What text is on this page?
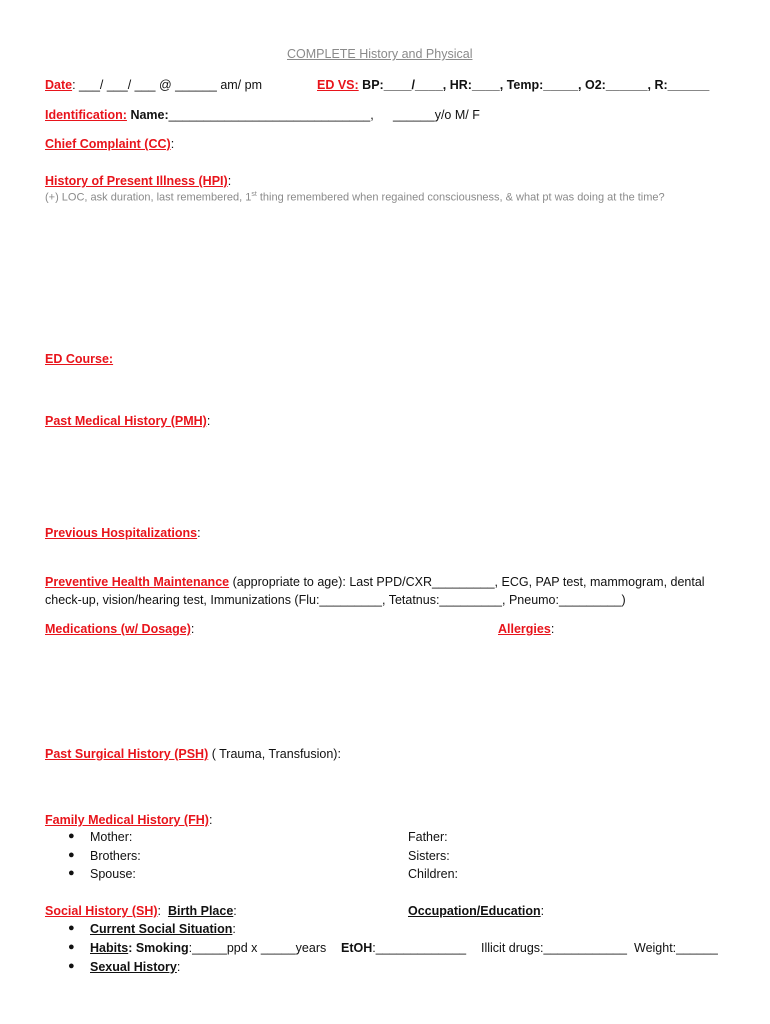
COMPLETE History and Physical
Date: ___/ ___/ ___ @ ______ am/ pm	ED VS: BP:____/____, HR:____, Temp:_____, O2:______, R:______
Identification: Name:_____________________________, ______y/o M/ F
Chief Complaint (CC):
History of Present Illness (HPI):
(+) LOC, ask duration, last remembered, 1st thing remembered when regained consciousness, & what pt was doing at the time?
ED Course:
Past Medical History (PMH):
Previous Hospitalizations:
Preventive Health Maintenance (appropriate to age): Last PPD/CXR_________, ECG, PAP test, mammogram, dental
check-up, vision/hearing test, Immunizations (Flu:_________, Tetatnus:_________, Pneumo:_________)
Medications (w/ Dosage):	Allergies:
Past Surgical History (PSH) ( Trauma, Transfusion):
Family Medical History (FH):
● Mother:	Father:
● Brothers:	Sisters:
● Spouse:	Children:
Social History (SH): Birth Place:	Occupation/Education:
● Current Social Situation:
● Habits: Smoking:_____ppd x _____years EtOH:_____________ Illicit drugs:____________ Weight:______
● Sexual History:
